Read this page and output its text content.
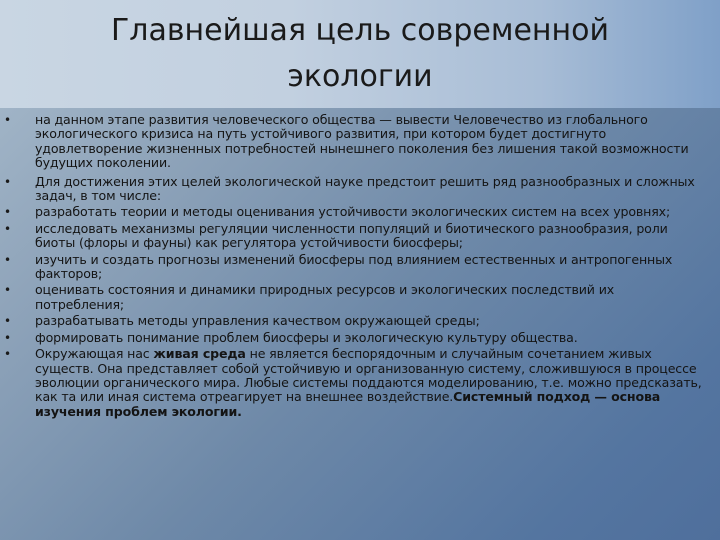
Главнейшая цель современной
экологии
• на данном этапе развития человеческого общества — вывести Человечество из глобального экологического кризиса на путь устойчивого развития, при котором будет достигнуто удовлетворение жизненных потребностей нынешнего поколения без лишения такой возможности будущих поколении.
• Для достижения этих целей экологической науке предстоит решить ряд разнообразных и сложных задач, в том числе:
• разработать теории и методы оценивания устойчивости экологических систем на всех уровнях;
• исследовать механизмы регуляции численности популяций и биотического разнообразия, роли биоты (флоры и фауны) как регулятора устойчивости биосферы;
• изучить и создать прогнозы изменений биосферы под влиянием естественных и антропогенных факторов;
• оценивать состояния и динамики природных ресурсов и экологических последствий их потребления;
• разрабатывать методы управления качеством окружающей среды;
• формировать понимание проблем биосферы и экологическую культуру общества.
• Окружающая нас живая среда не является беспорядочным и случайным сочетанием живых существ. Она представляет собой устойчивую и организованную систему, сложившуюся в процессе эволюции органического мира. Любые системы поддаются моделированию, т.е. можно предсказать, как та или иная система отреагирует на внешнее воздействие.Системный подход — основа изучения проблем экологии.
